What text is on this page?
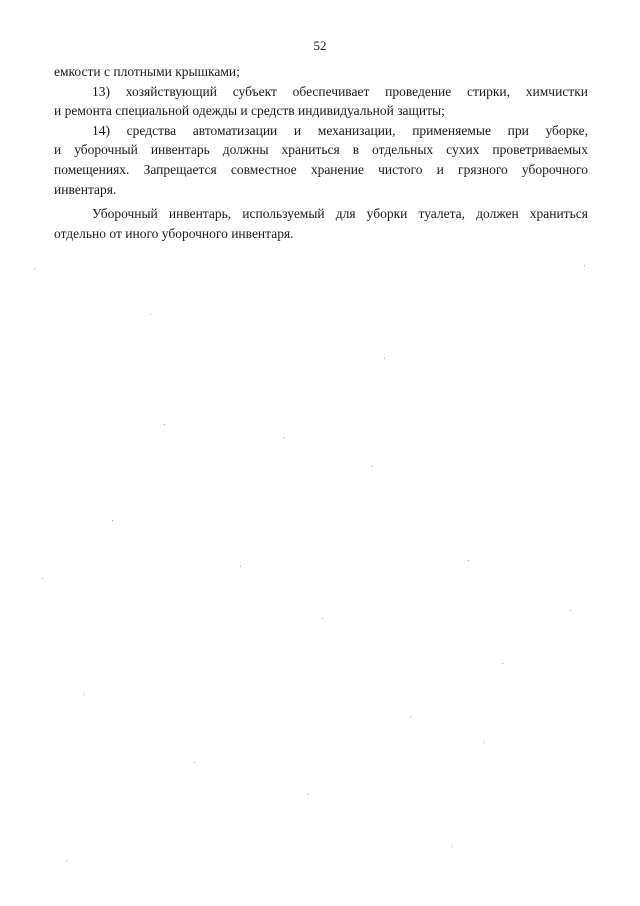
52
емкости с плотными крышками;
13) хозяйствующий субъект обеспечивает проведение стирки, химчистки
и ремонта специальной одежды и средств индивидуальной защиты;
14) средства автоматизации и механизации, применяемые при уборке,
и уборочный инвентарь должны храниться в отдельных сухих проветриваемых
помещениях. Запрещается совместное хранение чистого и грязного уборочного
инвентаря.
Уборочный инвентарь, используемый для уборки туалета, должен храниться
отдельно от иного уборочного инвентаря.
